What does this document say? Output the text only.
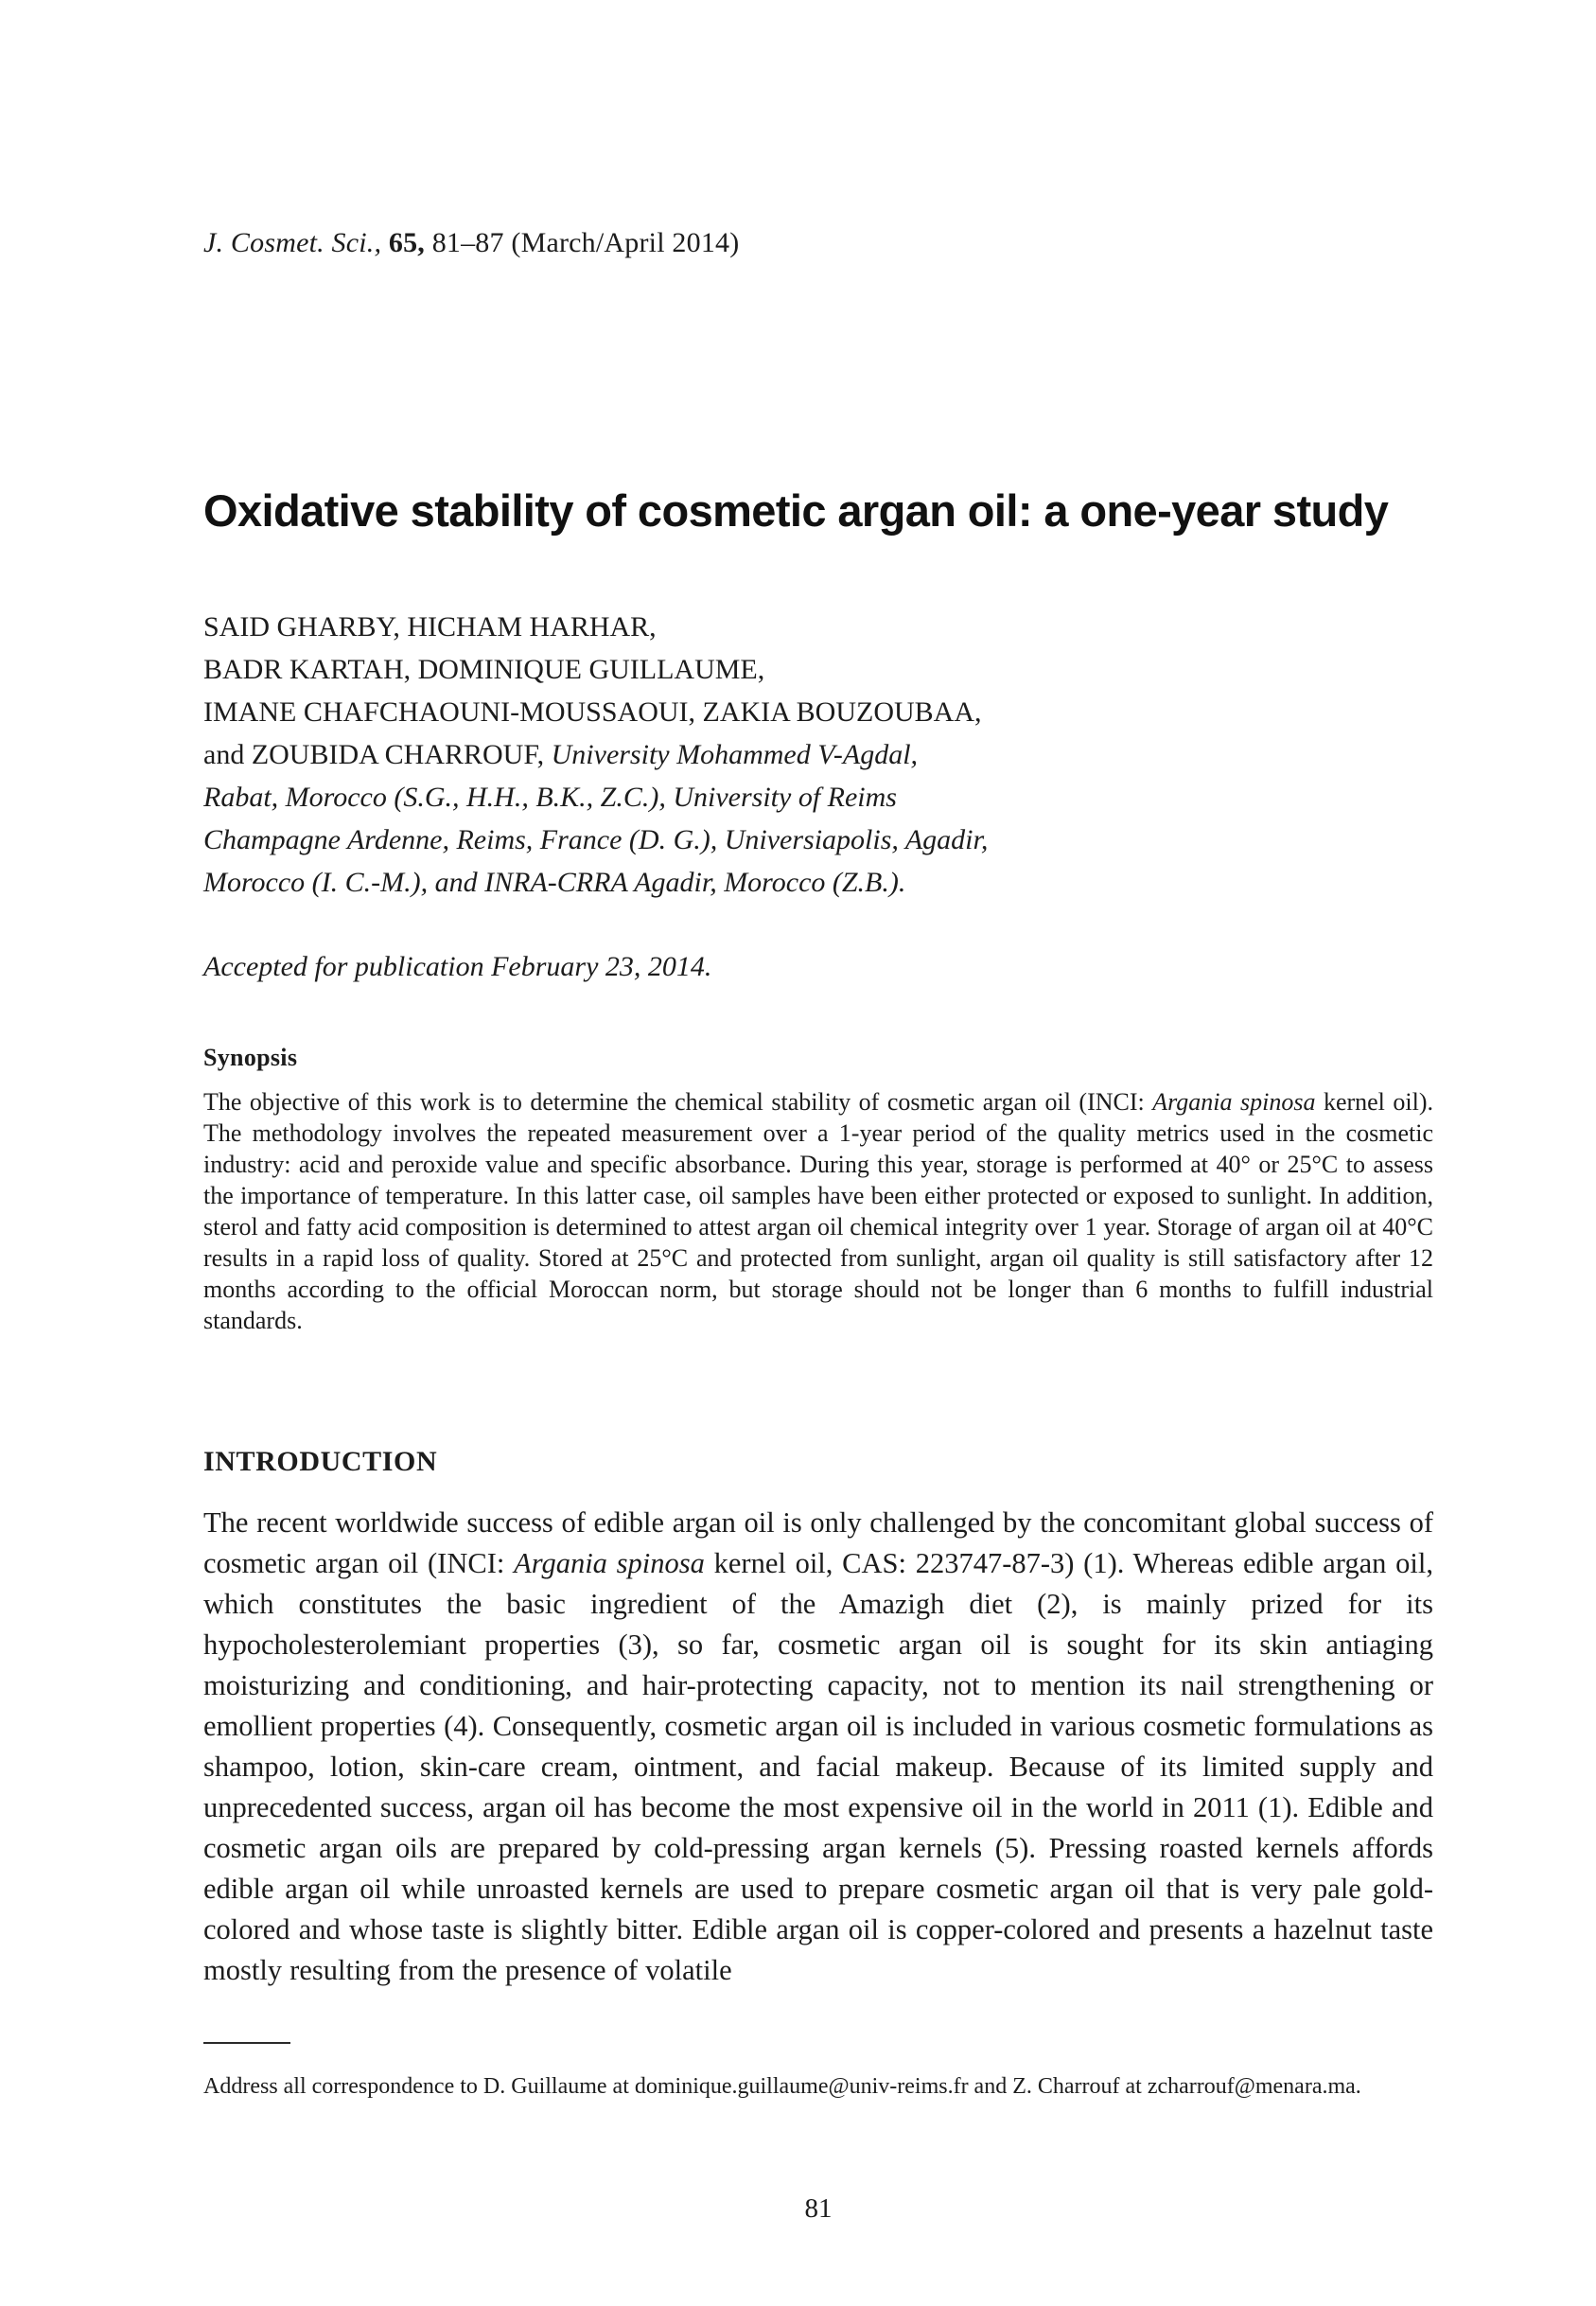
J. Cosmet. Sci., 65, 81–87 (March/April 2014)
Oxidative stability of cosmetic argan oil: a one-year study
SAID GHARBY, HICHAM HARHAR,
BADR KARTAH, DOMINIQUE GUILLAUME,
IMANE CHAFCHAOUNI-MOUSSAOUI, ZAKIA BOUZOUBAA,
and ZOUBIDA CHARROUF, University Mohammed V-Agdal,
Rabat, Morocco (S.G., H.H., B.K., Z.C.), University of Reims
Champagne Ardenne, Reims, France (D. G.), Universiapolis, Agadir,
Morocco (I. C.-M.), and INRA-CRRA Agadir, Morocco (Z.B.).
Accepted for publication February 23, 2014.
Synopsis

The objective of this work is to determine the chemical stability of cosmetic argan oil (INCI: Argania spinosa kernel oil). The methodology involves the repeated measurement over a 1-year period of the quality metrics used in the cosmetic industry: acid and peroxide value and specific absorbance. During this year, storage is performed at 40° or 25°C to assess the importance of temperature. In this latter case, oil samples have been either protected or exposed to sunlight. In addition, sterol and fatty acid composition is determined to attest argan oil chemical integrity over 1 year. Storage of argan oil at 40°C results in a rapid loss of quality. Stored at 25°C and protected from sunlight, argan oil quality is still satisfactory after 12 months according to the official Moroccan norm, but storage should not be longer than 6 months to fulfill industrial standards.

INTRODUCTION

The recent worldwide success of edible argan oil is only challenged by the concomitant global success of cosmetic argan oil (INCI: Argania spinosa kernel oil, CAS: 223747-87-3) (1). Whereas edible argan oil, which constitutes the basic ingredient of the Amazigh diet (2), is mainly prized for its hypocholesterolemiant properties (3), so far, cosmetic argan oil is sought for its skin antiaging moisturizing and conditioning, and hair-protecting capacity, not to mention its nail strengthening or emollient properties (4). Consequently, cosmetic argan oil is included in various cosmetic formulations as shampoo, lotion, skin-care cream, ointment, and facial makeup. Because of its limited supply and unprecedented success, argan oil has become the most expensive oil in the world in 2011 (1). Edible and cosmetic argan oils are prepared by cold-pressing argan kernels (5). Pressing roasted kernels affords edible argan oil while unroasted kernels are used to prepare cosmetic argan oil that is very pale gold-colored and whose taste is slightly bitter. Edible argan oil is copper-colored and presents a hazelnut taste mostly resulting from the presence of volatile

Address all correspondence to D. Guillaume at dominique.guillaume@univ-reims.fr and Z. Charrouf at zcharrouf@menara.ma.
81
